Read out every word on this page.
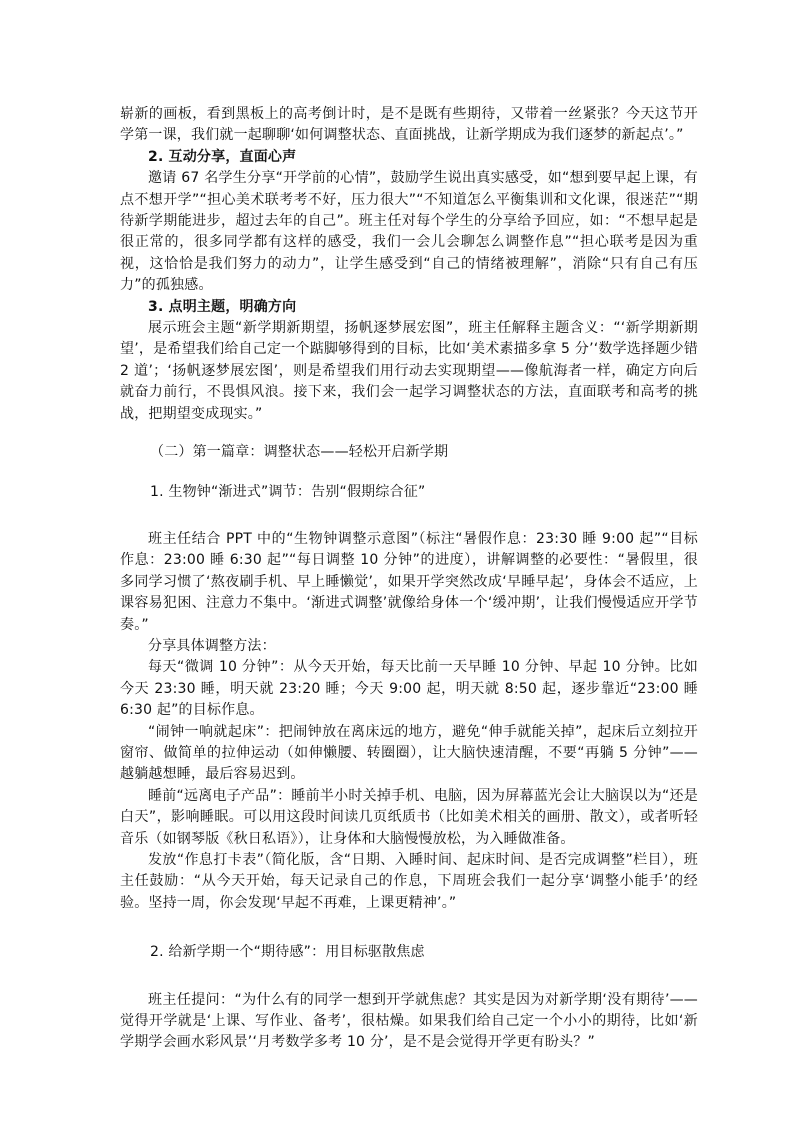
崭新的画板，看到黑板上的高考倒计时，是不是既有些期待，又带着一丝紧张？今天这节开学第一课，我们就一起聊聊‘如何调整状态、直面挑战，让新学期成为我们逐梦的新起点’。”

2. 互动分享，直面心声

邀请 67 名学生分享“开学前的心情”，鼓励学生说出真实感受，如“想到要早起上课，有点不想开学”“担心美术联考考不好，压力很大”“不知道怎么平衡集训和文化课，很迷茫”“期待新学期能进步，超过去年的自己”。班主任对每个学生的分享给予回应，如：“不想早起是很正常的，很多同学都有这样的感受，我们一会儿会聊怎么调整作息”“担心联考是因为重视，这恰恰是我们努力的动力”，让学生感受到“自己的情绪被理解”，消除“只有自己有压力”的孤独感。

3. 点明主题，明确方向

展示班会主题“新学期新期望，扬帆逐梦展宏图”，班主任解释主题含义：“‘新学期新期望’，是希望我们给自己定一个踮脚够得到的目标，比如‘美术素描多拿 5 分’‘数学选择题少错 2 道’；‘扬帆逐梦展宏图’，则是希望我们用行动去实现期望——像航海者一样，确定方向后就奋力前行，不畏惧风浪。接下来，我们会一起学习调整状态的方法，直面联考和高考的挑战，把期望变成现实。”

（二）第一篇章：调整状态——轻松开启新学期

1. 生物钟“渐进式”调节：告别“假期综合征”

班主任结合 PPT 中的“生物钟调整示意图”（标注“暑假作息：23:30 睡 9:00 起”“目标作息：23:00 睡 6:30 起”“每日调整 10 分钟”的进度），讲解调整的必要性：“暑假里，很多同学习惯了‘熬夜刷手机、早上睡懒觉’，如果开学突然改成‘早睡早起’，身体会不适应，上课容易犯困、注意力不集中。‘渐进式调整’就像给身体一个‘缓冲期’，让我们慢慢适应开学节奏。”

分享具体调整方法：

每天“微调 10 分钟”：从今天开始，每天比前一天早睡 10 分钟、早起 10 分钟。比如今天 23:30 睡，明天就 23:20 睡；今天 9:00 起，明天就 8:50 起，逐步靠近“23:00 睡 6:30 起”的目标作息。

“闹钟一响就起床”：把闹钟放在离床远的地方，避免“伸手就能关掉”，起床后立刻拉开窗帘、做简单的拉伸运动（如伸懒腰、转圈圈），让大脑快速清醒，不要“再躺 5 分钟”——越躺越想睡，最后容易迟到。

睡前“远离电子产品”：睡前半小时关掉手机、电脑，因为屏幕蓝光会让大脑误以为“还是白天”，影响睡眠。可以用这段时间读几页纸质书（比如美术相关的画册、散文），或者听轻音乐（如钢琴版《秋日私语》），让身体和大脑慢慢放松，为入睡做准备。

发放“作息打卡表”（简化版，含“日期、入睡时间、起床时间、是否完成调整”栏目），班主任鼓励：“从今天开始，每天记录自己的作息，下周班会我们一起分享‘调整小能手’的经验。坚持一周，你会发现‘早起不再难，上课更精神’。”

2. 给新学期一个“期待感”：用目标驱散焦虑

班主任提问：“为什么有的同学一想到开学就焦虑？其实是因为对新学期‘没有期待’——觉得开学就是‘上课、写作业、备考’，很枯燥。如果我们给自己定一个小小的期待，比如‘新学期学会画水彩风景’‘月考数学多考 10 分’，是不是会觉得开学更有盼头？”
